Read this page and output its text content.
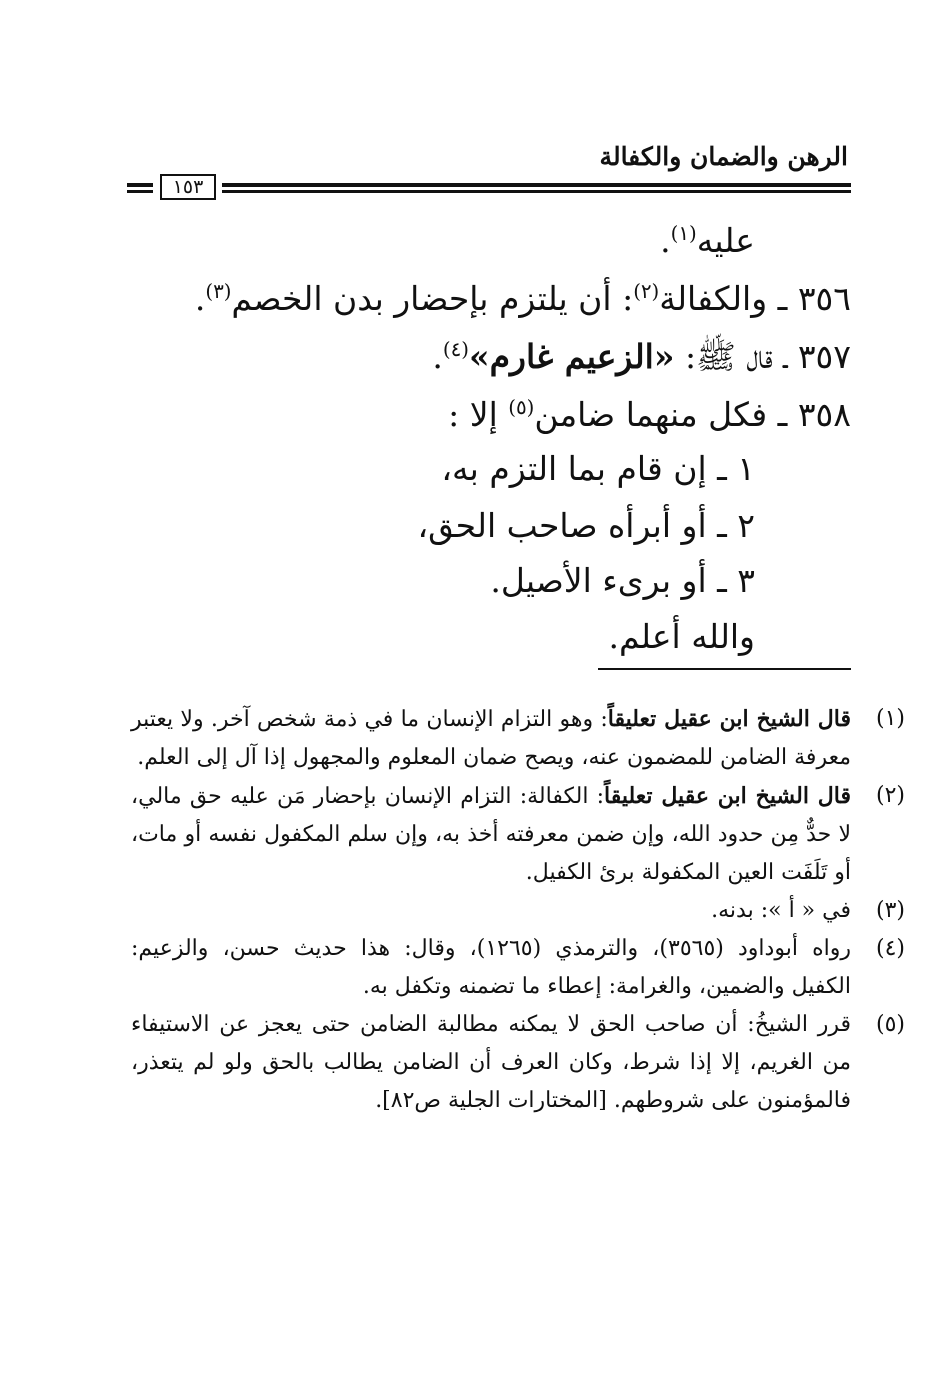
الرهن والضمان والكفالة
١٥٣
عليه$^{(١)}$.
٣٥٦ ـ والكفالة$^{(٢)}$: أن يلتزم بإحضار بدن الخصم$^{(٣)}$.
٣٥٧ ـ قال ﷺ: «الزعيم غارم»$^{(٤)}$.
٣٥٨ ـ فكل منهما ضامن$^{(٥)}$ إلا :
١ ـ إن قام بما التزم به،
٢ ـ أو أبرأه صاحب الحق،
٣ ـ أو برىء الأصيل.
والله أعلم.
(١)
قال الشيخ ابن عقيل تعليقاً: وهو التزام الإنسان ما في ذمة شخص آخر. ولا يعتبر معرفة الضامن للمضمون عنه، ويصح ضمان المعلوم والمجهول إذا آل إلى العلم.
(٢)
قال الشيخ ابن عقيل تعليقاً: الكفالة: التزام الإنسان بإحضار مَن عليه حق مالي، لا حدٌّ مِن حدود الله، وإن ضمن معرفته أخذ به، وإن سلم المكفول نفسه أو مات، أو تَلَفَت العين المكفولة برئ الكفيل.
(٣)
في « أ »: بدنه.
(٤)
رواه أبوداود (٣٥٦٥)، والترمذي (١٢٦٥)، وقال: هذا حديث حسن، والزعيم: الكفيل والضمين، والغرامة: إعطاء ما تضمنه وتكفل به.
(٥)
قرر الشيخُ: أن صاحب الحق لا يمكنه مطالبة الضامن حتى يعجز عن الاستيفاء من الغريم، إلا إذا شرط، وكان العرف أن الضامن يطالب بالحق ولو لم يتعذر، فالمؤمنون على شروطهم. [المختارات الجلية ص٨٢].
